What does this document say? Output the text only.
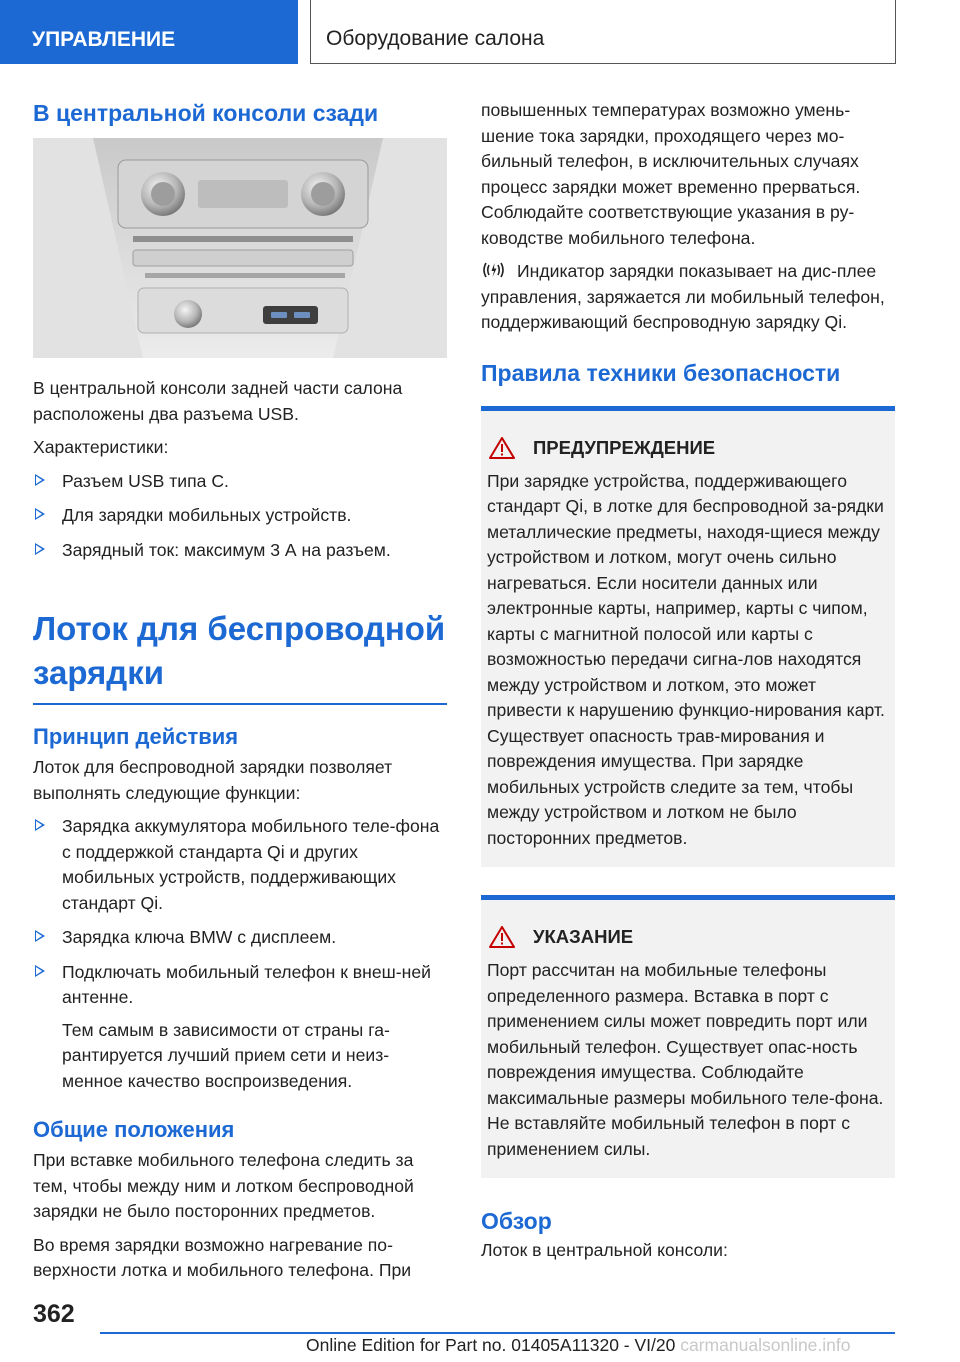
УПРАВЛЕНИЕ	Оборудование салона
В центральной консоли сзади

В центральной консоли задней части салона расположены два разъема USB.

Характеристики:

Разъем USB типа C.
Для зарядки мобильных устройств.
Зарядный ток: максимум 3 А на разъем.
Лоток для беспроводной зарядки
Принцип действия

Лоток для беспроводной зарядки позволяет выполнять следующие функции:

Зарядка аккумулятора мобильного теле-фона с поддержкой стандарта Qi и других мобильных устройств, поддерживающих стандарт Qi.
Зарядка ключа BMW с дисплеем.
Подключать мобильный телефон к внеш-ней антенне.

Тем самым в зависимости от страны га-рантируется лучший прием сети и неиз-менное качество воспроизведения.

Общие положения

При вставке мобильного телефона следить за тем, чтобы между ним и лотком беспроводной зарядки не было посторонних предметов.

Во время зарядки возможно нагревание по-верхности лотка и мобильного телефона. При

повышенных температурах возможно умень-шение тока зарядки, проходящего через мо-бильный телефон, в исключительных случаях процесс зарядки может временно прерваться. Соблюдайте соответствующие указания в ру-ководстве мобильного телефона.

Индикатор зарядки показывает на дис-плее управления, заряжается ли мобильный телефон, поддерживающий беспроводную зарядку Qi.

Правила техники безопасности
ПРЕДУПРЕЖДЕНИЕ

При зарядке устройства, поддерживающего стандарт Qi, в лотке для беспроводной за-рядки металлические предметы, находя-щиеся между устройством и лотком, могут очень сильно нагреваться. Если носители данных или электронные карты, например, карты с чипом, карты с магнитной полосой или карты с возможностью передачи сигна-лов находятся между устройством и лотком, это может привести к нарушению функцио-нирования карт. Существует опасность трав-мирования и повреждения имущества. При зарядке мобильных устройств следите за тем, чтобы между устройством и лотком не было посторонних предметов.

УКАЗАНИЕ

Порт рассчитан на мобильные телефоны определенного размера. Вставка в порт с применением силы может повредить порт или мобильный телефон. Существует опас-ность повреждения имущества. Соблюдайте максимальные размеры мобильного теле-фона. Не вставляйте мобильный телефон в порт с применением силы.

Обзор

Лоток в центральной консоли:

362
Online Edition for Part no. 01405A11320 - VI/20 carmanualsonline.info
